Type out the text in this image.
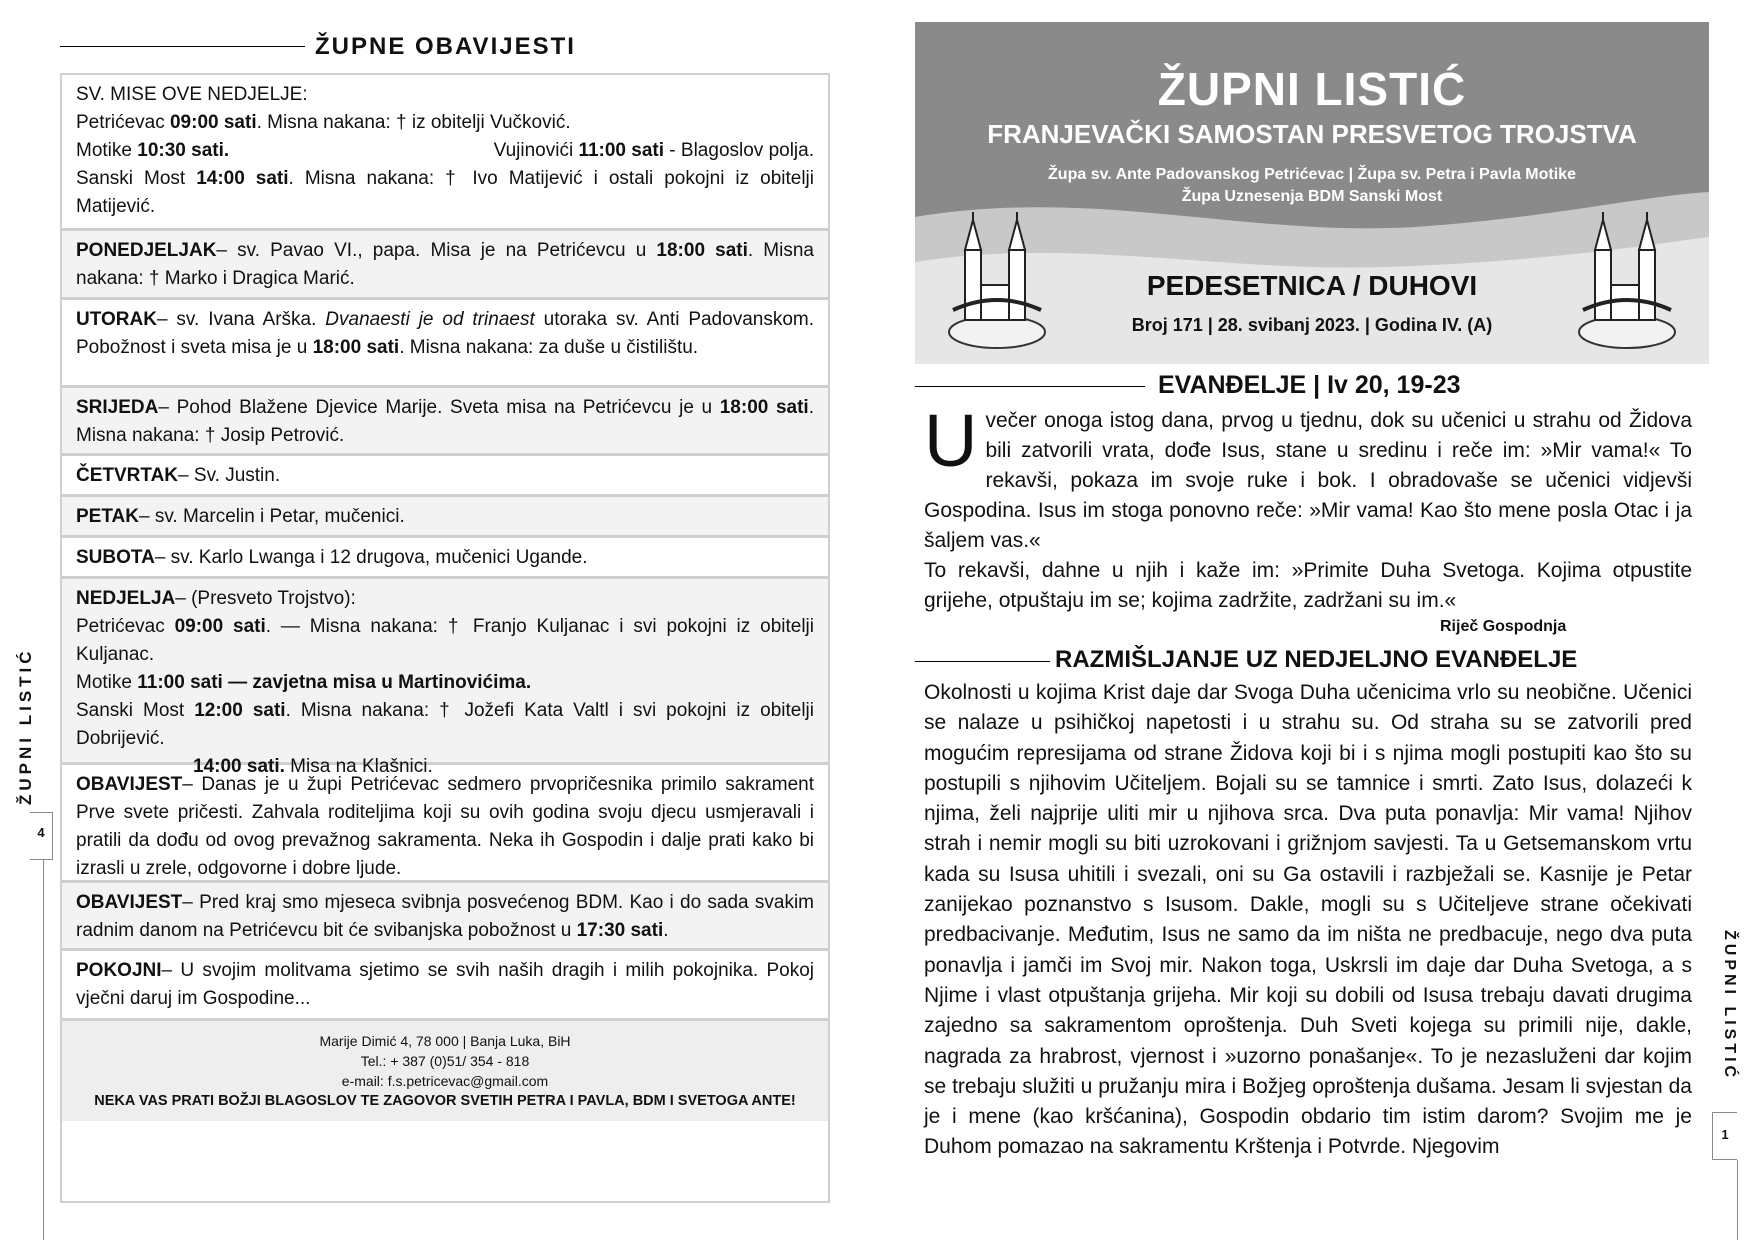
ŽUPNE OBAVIJESTI
SV. MISE OVE NEDJELJE:
Petrićevac 09:00 sati. Misna nakana: † iz obitelji Vučković.
Motike 10:30 sati.	Vujinovići 11:00 sati - Blagoslov polja.
Sanski Most 14:00 sati. Misna nakana: † Ivo Matijević i ostali pokojni iz obitelji Matijević.
PONEDJELJAK– sv. Pavao VI., papa. Misa je na Petrićevcu u 18:00 sati. Misna nakana: † Marko i Dragica Marić.
UTORAK– sv. Ivana Arška. Dvanaesti je od trinaest utoraka sv. Anti Padovanskom. Pobožnost i sveta misa je u 18:00 sati. Misna nakana: za duše u čistilištu.
SRIJEDA– Pohod Blažene Djevice Marije. Sveta misa na Petrićevcu je u 18:00 sati. Misna nakana: † Josip Petrović.
ČETVRTAK– Sv. Justin.
PETAK– sv. Marcelin i Petar, mučenici.
SUBOTA– sv. Karlo Lwanga i 12 drugova, mučenici Ugande.
NEDJELJA– (Presveto Trojstvo):
Petrićevac 09:00 sati. — Misna nakana: † Franjo Kuljanac i svi pokojni iz obitelji Kuljanac.
Motike 11:00 sati — zavjetna misa u Martinovićima.
Sanski Most 12:00 sati. Misna nakana: † Jožefi Kata Valtl i svi pokojni iz obitelji Dobrijević.
14:00 sati. Misa na Klašnici.
OBAVIJEST– Danas je u župi Petrićevac sedmero prvopričesnika primilo sakrament Prve svete pričesti. Zahvala roditeljima koji su ovih godina svoju djecu usmjeravali i pratili da dođu od ovog prevažnog sakramenta. Neka ih Gospodin i dalje prati kako bi izrasli u zrele, odgovorne i dobre ljude.
OBAVIJEST– Pred kraj smo mjeseca svibnja posvećenog BDM. Kao i do sada svakim radnim danom na Petrićevcu bit će svibanjska pobožnost u 17:30 sati.
POKOJNI– U svojim molitvama sjetimo se svih naših dragih i milih pokojnika. Pokoj vječni daruj im Gospodine...
Marije Dimić 4, 78 000 | Banja Luka, BiH
Tel.: + 387 (0)51/ 354 - 818
e-mail: f.s.petricevac@gmail.com
NEKA VAS PRATI BOŽJI BLAGOSLOV TE ZAGOVOR SVETIH PETRA I PAVLA, BDM I SVETOGA ANTE!
ŽUPNI LISTIĆ
4
ŽUPNI LISTIĆ
FRANJEVAČKI SAMOSTAN PRESVETOG TROJSTVA
Župa sv. Ante Padovanskog Petrićevac | Župa sv. Petra i Pavla Motike
Župa Uznesenja BDM Sanski Most
PEDESETNICA / DUHOVI
Broj 171 | 28. svibanj 2023. | Godina IV. (A)
EVANĐELJE | Iv 20, 19-23
Uvečer onoga istog dana, prvog u tjednu, dok su učenici u strahu od Židova bili zatvorili vrata, dođe Isus, stane u sredinu i reče im: »Mir vama!« To rekavši, pokaza im svoje ruke i bok. I obradovaše se učenici vidjevši Gospodina. Isus im stoga ponovno reče: »Mir vama! Kao što mene posla Otac i ja šaljem vas.«
To rekavši, dahne u njih i kaže im: »Primite Duha Svetoga. Kojima otpustite grijehe, otpuštaju im se; kojima zadržite, zadržani su im.«
Riječ Gospodnja
RAZMIŠLJANJE UZ NEDJELJNO EVANĐELJE
Okolnosti u kojima Krist daje dar Svoga Duha učenicima vrlo su neobične. Učenici se nalaze u psihičkoj napetosti i u strahu su. Od straha su se zatvorili pred mogućim represijama od strane Židova koji bi i s njima mogli postupiti kao što su postupili s njihovim Učiteljem. Bojali su se tamnice i smrti. Zato Isus, dolazeći k njima, želi najprije uliti mir u njihova srca. Dva puta ponavlja: Mir vama! Njihov strah i nemir mogli su biti uzrokovani i grižnjom savjesti. Ta u Getsemanskom vrtu kada su Isusa uhitili i svezali, oni su Ga ostavili i razbježali se. Kasnije je Petar zanijekao poznanstvo s Isusom. Dakle, mogli su s Učiteljeve strane očekivati predbacivanje. Međutim, Isus ne samo da im ništa ne predbacuje, nego dva puta ponavlja i jamči im Svoj mir. Nakon toga, Uskrsli im daje dar Duha Svetoga, a s Njime i vlast otpuštanja grijeha. Mir koji su dobili od Isusa trebaju davati drugima zajedno sa sakramentom oproštenja. Duh Sveti kojega su primili nije, dakle, nagrada za hrabrost, vjernost i »uzorno ponašanje«. To je nezasluženi dar kojim se trebaju služiti u pružanju mira i Božjeg oproštenja dušama. Jesam li svjestan da je i mene (kao kršćanina), Gospodin obdario tim istim darom? Svojim me je Duhom pomazao na sakramentu Krštenja i Potvrde. Njegovim
ŽUPNI LISTIĆ
1
